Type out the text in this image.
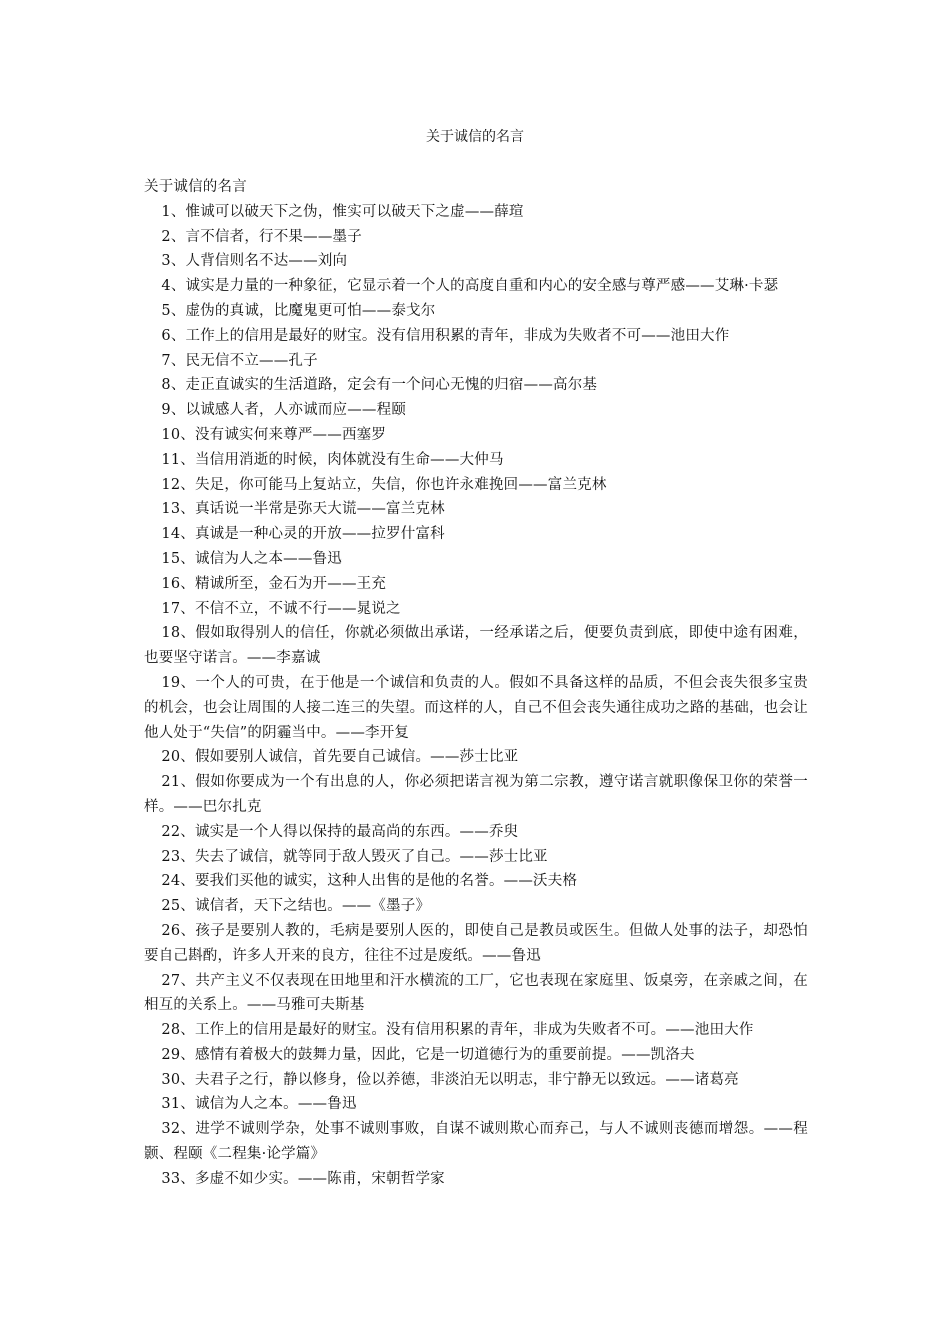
关于诚信的名言

关于诚信的名言

1、惟诚可以破天下之伪，惟实可以破天下之虚——薛瑄

2、言不信者，行不果——墨子

3、人背信则名不达——刘向

4、诚实是力量的一种象征，它显示着一个人的高度自重和内心的安全感与尊严感——艾琳·卡瑟

5、虚伪的真诚，比魔鬼更可怕——泰戈尔

6、工作上的信用是最好的财宝。没有信用积累的青年，非成为失败者不可——池田大作

7、民无信不立——孔子

8、走正直诚实的生活道路，定会有一个问心无愧的归宿——高尔基

9、以诚感人者，人亦诚而应——程颐

10、没有诚实何来尊严——西塞罗

11、当信用消逝的时候，肉体就没有生命——大仲马

12、失足，你可能马上复站立，失信，你也许永难挽回——富兰克林

13、真话说一半常是弥天大谎——富兰克林

14、真诚是一种心灵的开放——拉罗什富科

15、诚信为人之本——鲁迅

16、精诚所至，金石为开——王充

17、不信不立，不诚不行——晁说之

18、假如取得别人的信任，你就必须做出承诺，一经承诺之后，便要负责到底，即使中途有困难，也要坚守诺言。——李嘉诚

19、一个人的可贵，在于他是一个诚信和负责的人。假如不具备这样的品质，不但会丧失很多宝贵的机会，也会让周围的人接二连三的失望。而这样的人，自己不但会丧失通往成功之路的基础，也会让他人处于“失信”的阴霾当中。——李开复

20、假如要别人诚信，首先要自己诚信。——莎士比亚

21、假如你要成为一个有出息的人，你必须把诺言视为第二宗教，遵守诺言就职像保卫你的荣誉一样。——巴尔扎克

22、诚实是一个人得以保持的最高尚的东西。——乔臾

23、失去了诚信，就等同于敌人毁灭了自己。——莎士比亚

24、要我们买他的诚实，这种人出售的是他的名誉。——沃夫格

25、诚信者，天下之结也。——《墨子》

26、孩子是要别人教的，毛病是要别人医的，即使自己是教员或医生。但做人处事的法子，却恐怕要自己斟酌，许多人开来的良方，往往不过是废纸。——鲁迅

27、共产主义不仅表现在田地里和汗水横流的工厂，它也表现在家庭里、饭桌旁，在亲戚之间，在相互的关系上。——马雅可夫斯基

28、工作上的信用是最好的财宝。没有信用积累的青年，非成为失败者不可。——池田大作

29、感情有着极大的鼓舞力量，因此，它是一切道德行为的重要前提。——凯洛夫

30、夫君子之行，静以修身，俭以养德，非淡泊无以明志，非宁静无以致远。——诸葛亮

31、诚信为人之本。——鲁迅

32、进学不诚则学杂，处事不诚则事败，自谋不诚则欺心而弃己，与人不诚则丧德而增怨。——程颢、程颐《二程集·论学篇》

33、多虚不如少实。——陈甫，宋朝哲学家
